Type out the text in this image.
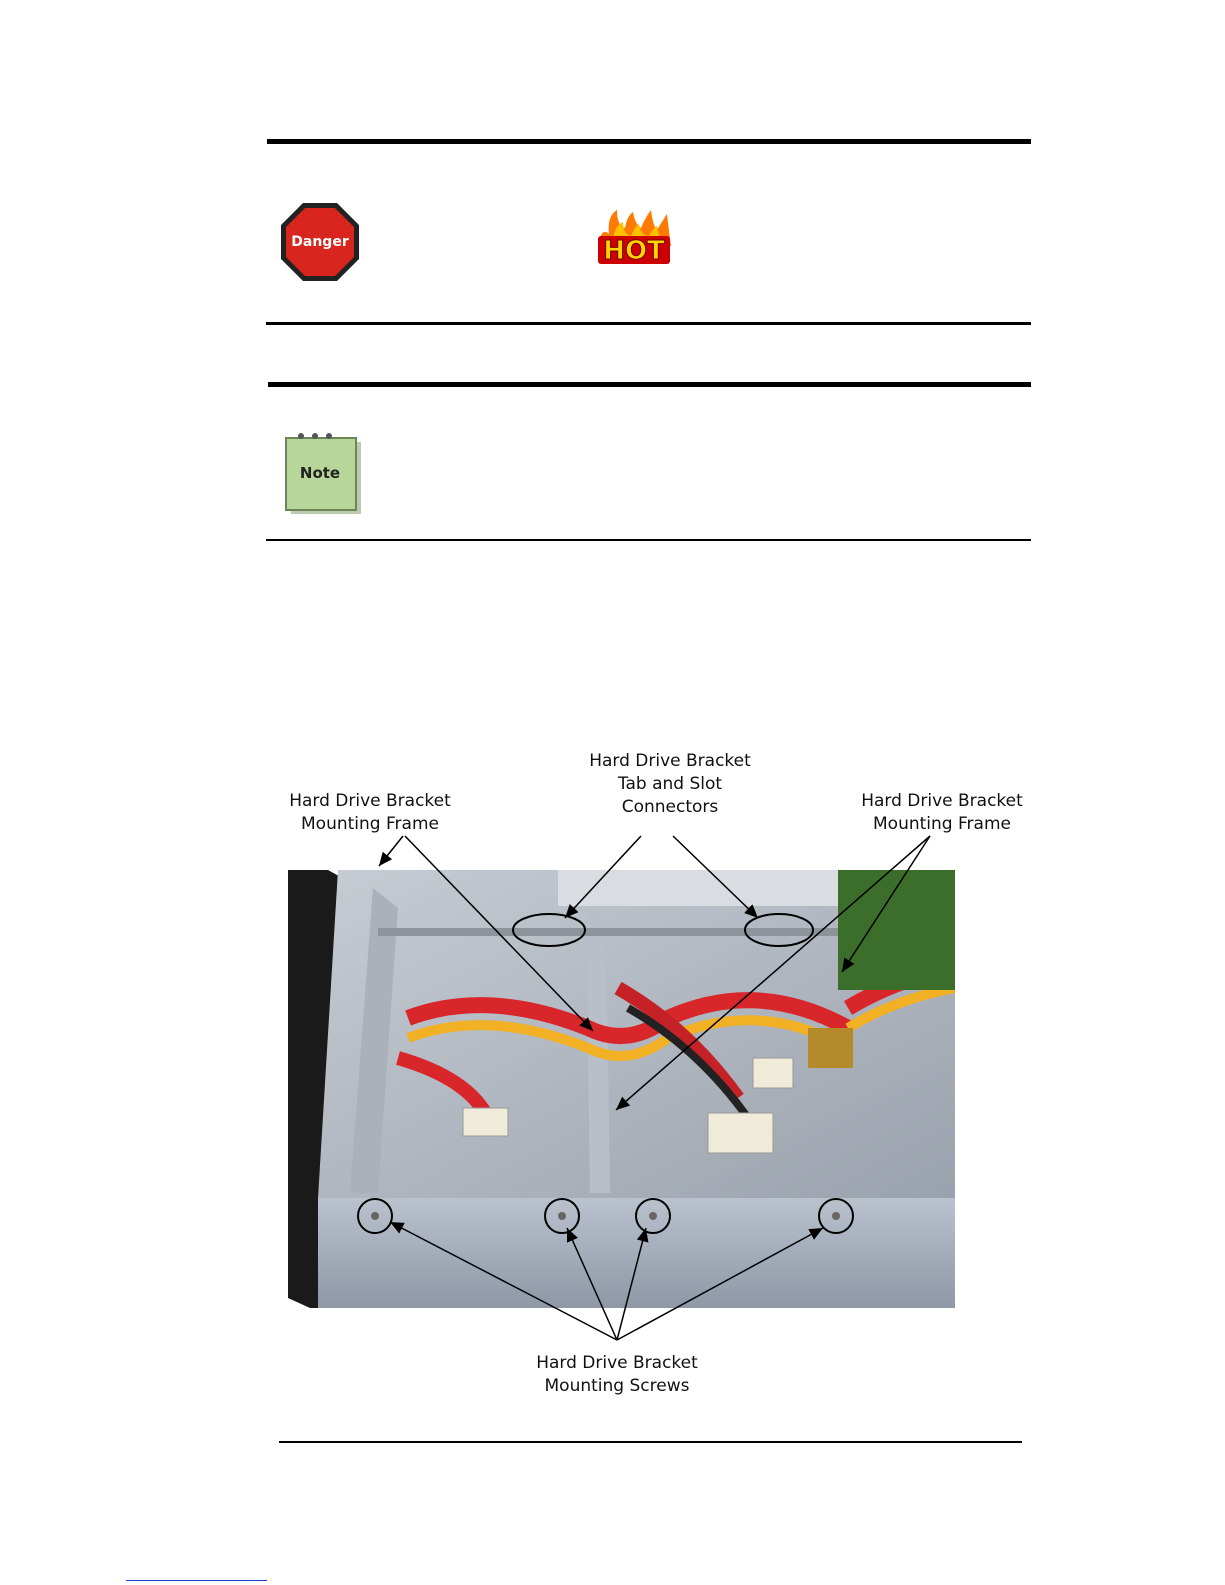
Danger	HOT
Note
Hard Drive Bracket
Mounting Frame
Hard Drive Bracket
Tab and Slot
Connectors	Hard Drive Bracket
Mounting Frame
Hard Drive Bracket
Mounting Screws
